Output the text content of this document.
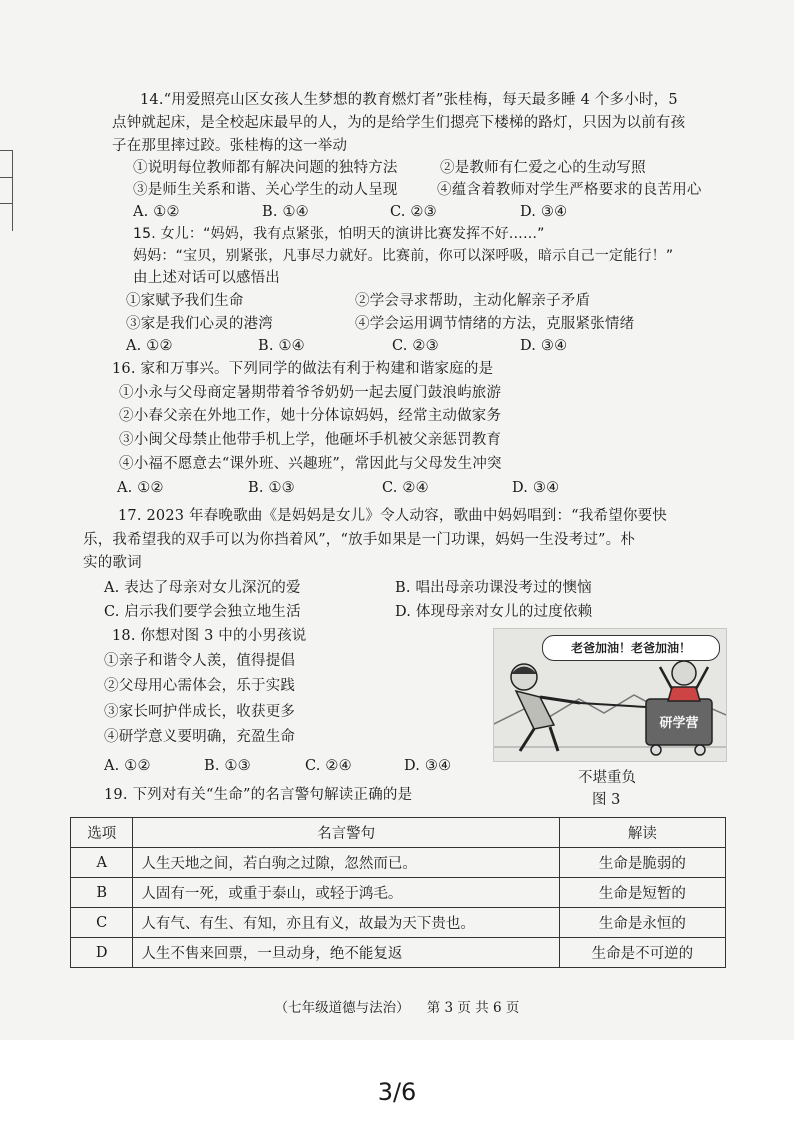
14.“用爱照亮山区女孩人生梦想的教育燃灯者”张桂梅，每天最多睡 4 个多小时，5
点钟就起床，是全校起床最早的人，为的是给学生们摁亮下楼梯的路灯，只因为以前有孩
子在那里摔过跤。张桂梅的这一举动
①说明每位教师都有解决问题的独特方法	②是教师有仁爱之心的生动写照
③是师生关系和谐、关心学生的动人呈现	④蕴含着教师对学生严格要求的良苦用心
A. ①②	B. ①④	C. ②③	D. ③④
15. 女儿：“妈妈，我有点紧张，怕明天的演讲比赛发挥不好……”
妈妈：“宝贝，别紧张，凡事尽力就好。比赛前，你可以深呼吸，暗示自己一定能行！”
由上述对话可以感悟出
①家赋予我们生命	②学会寻求帮助，主动化解亲子矛盾
③家是我们心灵的港湾	④学会运用调节情绪的方法，克服紧张情绪
A. ①②	B. ①④	C. ②③	D. ③④
16. 家和万事兴。下列同学的做法有利于构建和谐家庭的是
①小永与父母商定暑期带着爷爷奶奶一起去厦门鼓浪屿旅游
②小春父亲在外地工作，她十分体谅妈妈，经常主动做家务
③小闽父母禁止他带手机上学，他砸坏手机被父亲惩罚教育
④小福不愿意去“课外班、兴趣班”，常因此与父母发生冲突
A. ①②	B. ①③	C. ②④	D. ③④
17. 2023 年春晚歌曲《是妈妈是女儿》令人动容，歌曲中妈妈唱到：“我希望你要快
乐，我希望我的双手可以为你挡着风”，“放手如果是一门功课，妈妈一生没考过”。朴
实的歌词
A. 表达了母亲对女儿深沉的爱	B. 唱出母亲功课没考过的懊恼
C. 启示我们要学会独立地生活	D. 体现母亲对女儿的过度依赖
18. 你想对图 3 中的小男孩说
①亲子和谐令人羡，值得提倡
②父母用心需体会，乐于实践
③家长呵护伴成长，收获更多
④研学意义要明确，充盈生命
A. ①②	B. ①③	C. ②④	D. ③④
研学营
老爸加油！老爸加油！
不堪重负
图 3
19. 下列对有关“生命”的名言警句解读正确的是
选项	名言警句	解读
A	人生天地之间，若白驹之过隙，忽然而已。	生命是脆弱的
B	人固有一死，或重于泰山，或轻于鸿毛。	生命是短暂的
C	人有气、有生、有知，亦且有义，故最为天下贵也。	生命是永恒的
D	人生不售来回票，一旦动身，绝不能复返	生命是不可逆的
（七年级道德与法治）    第 3 页 共 6 页
3/6
